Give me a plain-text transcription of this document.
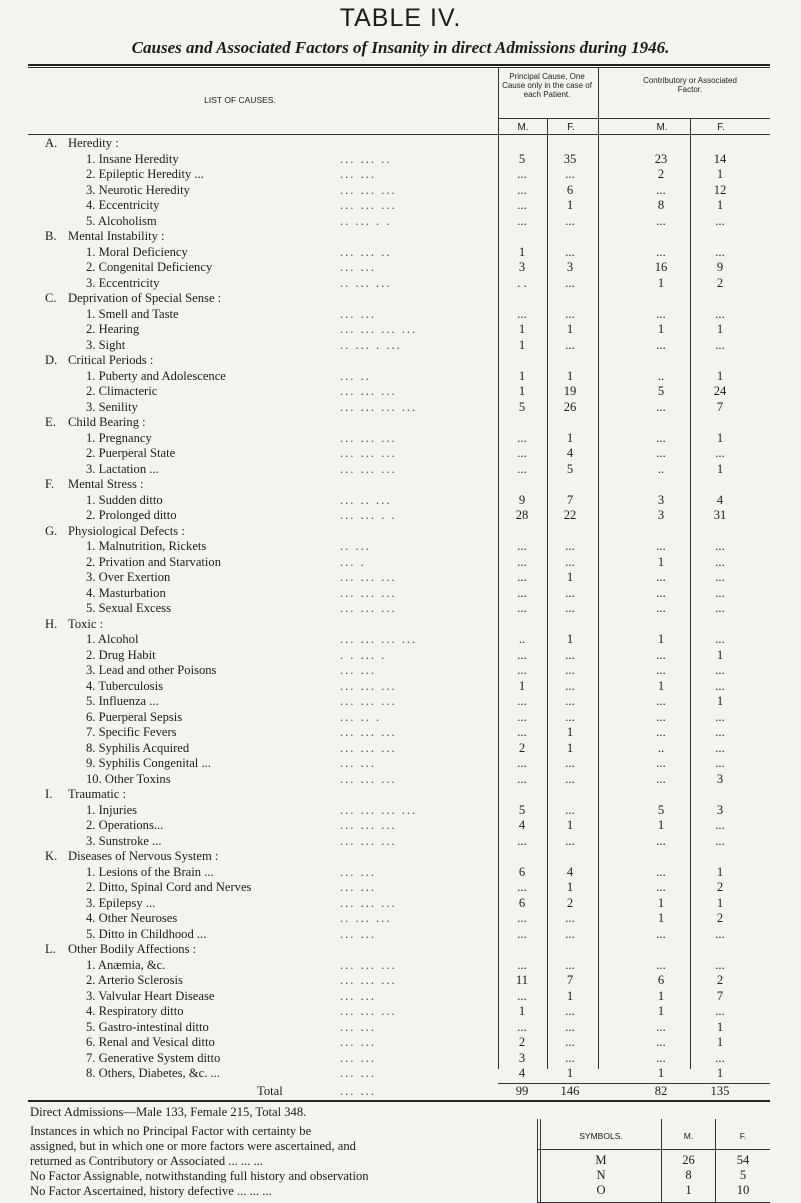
TABLE IV.
Causes and Associated Factors of Insanity in direct Admissions during 1946.
LIST OF CAUSES.
Principal Cause, One Cause only in the case of each Patient.
Contributory or Associated Factor.
M.	F.	M.	F.
A. Heredity :
1. Insane Heredity	... ... ..	5	35	23	14
2. Epileptic Heredity ...	... ...	...	...	2	1
3. Neurotic Heredity	... ... ...	...	6	...	12
4. Eccentricity	... ... ...	...	1	8	1
5. Alcoholism	.. ... . .	...	...	...	...
B. Mental Instability :
1. Moral Deficiency	... ... ..	1	...	...	...
2. Congenital Deficiency	... ...	3	3	16	9
3. Eccentricity	.. ... ...	. .	...	1	2
C. Deprivation of Special Sense :
1. Smell and Taste	... ...	...	...	...	...
2. Hearing	... ... ... ...	1	1	1	1
3. Sight	.. ... . ...	1	...	...	...
D. Critical Periods :
1. Puberty and Adolescence	... ..	1	1	..	1
2. Climacteric	... ... ...	1	19	5	24
3. Senility	... ... ... ...	5	26	...	7
E. Child Bearing :
1. Pregnancy	... ... ...	...	1	...	1
2. Puerperal State	... ... ...	...	4	...	...
3. Lactation ...	... ... ...	...	5	..	1
F.	Mental Stress :
1. Sudden ditto	... .. ...	9	7	3	4
2. Prolonged ditto	... ... . .	28	22	3	31
G. Physiological Defects :
1. Malnutrition, Rickets	.. ...	...	...	...	...
2. Privation and Starvation	... .	...	...	1	...
3. Over Exertion	... ... ...	...	1	...	...
4. Masturbation	... ... ...	...	...	...	...
5. Sexual Excess	... ... ...	...	...	...	...
H. Toxic :
1. Alcohol	... ... ... ...	..	1	1	...
2. Drug Habit	. . ... .	...	...	...	1
3. Lead and other Poisons	... ...	...	...	...	...
4. Tuberculosis	... ... ...	1	...	1	...
5. Influenza ...	... ... ...	...	...	...	1
6. Puerperal Sepsis	... .. .	...	...	...	...
7. Specific Fevers	... ... ...	...	1	...	...
8. Syphilis Acquired	... ... ...	2	1	..	...
9. Syphilis Congenital ...	... ...	...	...	...	...
10. Other Toxins	... ... ...	...	...	...	3
I.	Traumatic :
1. Injuries	... ... ... ...	5	...	5	3
2. Operations...	... ... ...	4	1	1	...
3. Sunstroke ...	... ... ...	...	...	...	...
K. Diseases of Nervous System :
1. Lesions of the Brain ...	... ...	6	4	...	1
2. Ditto, Spinal Cord and Nerves	... ...	...	1	...	2
3. Epilepsy ...	... ... ...	6	2	1	1
4. Other Neuroses	.. ... ...	...	...	1	2
5. Ditto in Childhood ...	... ...	...	...	...	...
L. Other Bodily Affections :
1. Anæmia, &c.	... ... ...	...	...	...	...
2. Arterio Sclerosis	... ... ...	11	7	6	2
3. Valvular Heart Disease	... ...	...	1	1	7
4. Respiratory ditto	... ... ...	1	...	1	...
5. Gastro-intestinal ditto	... ...	...	...	...	1
6. Renal and Vesical ditto	... ...	2	...	...	1
7. Generative System ditto	... ...	3	...	...	...
8. Others, Diabetes, &c. ...	... ...	4	1	1	1
Total	... ...	99	146	82	135
Direct Admissions—Male 133, Female 215, Total 348.
Instances in which no Principal Factor with certainty be
assigned, but in which one or more factors were ascertained, and
returned as Contributory or Associated ... ... ...
No Factor Assignable, notwithstanding full history and observation
SYMBOLS.	M.	F.
M	26	54
N	8	5
O	1	10
No Factor Ascertained, history defective ... ... ...
